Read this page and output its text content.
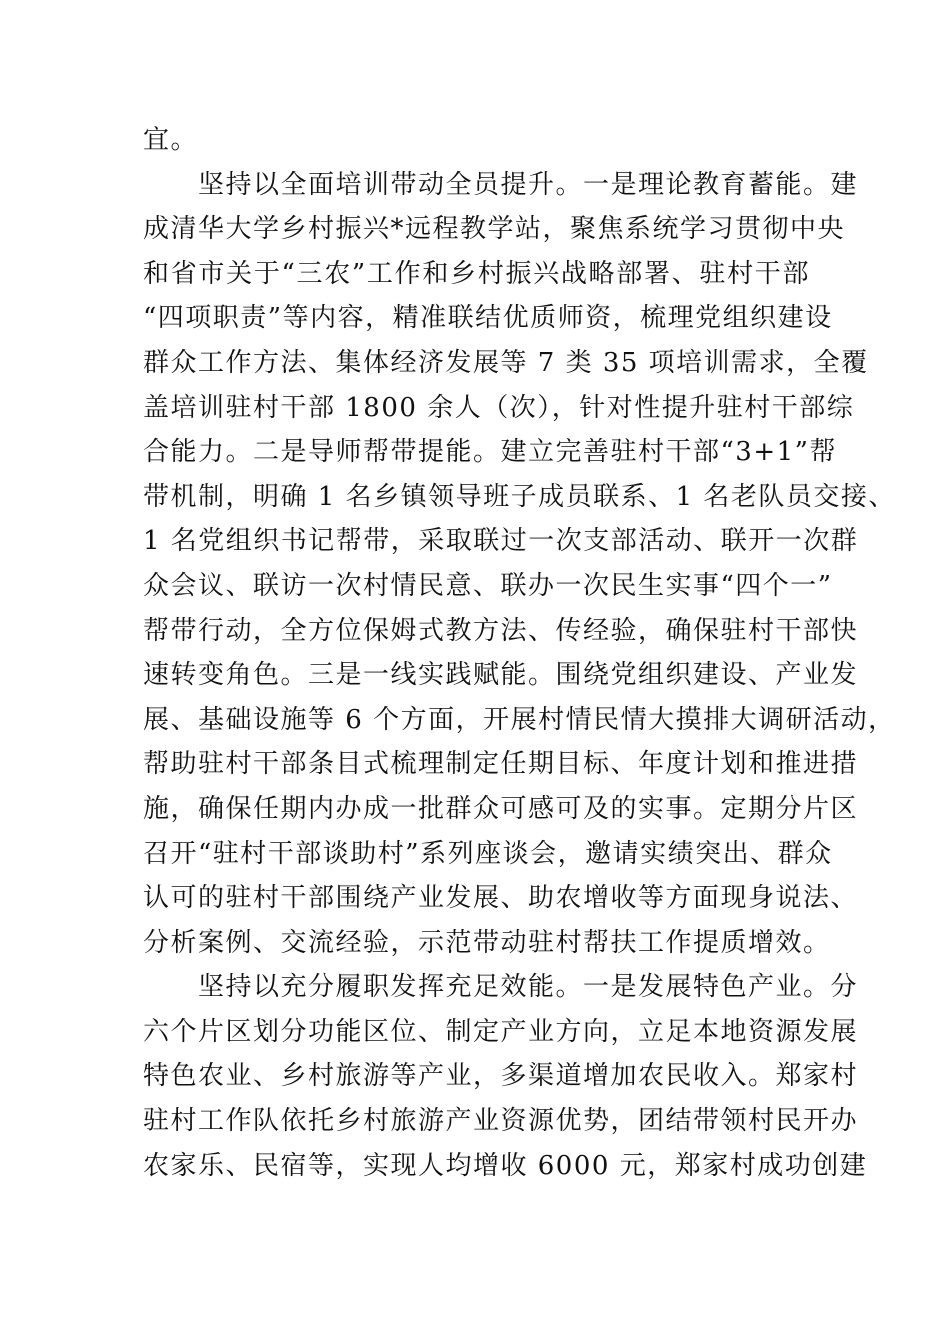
宜。
坚持以全面培训带动全员提升。一是理论教育蓄能。建
成清华大学乡村振兴*远程教学站，聚焦系统学习贯彻中央
和省市关于“三农”工作和乡村振兴战略部署、驻村干部
“四项职责”等内容，精准联结优质师资，梳理党组织建设
群众工作方法、集体经济发展等 7 类 35 项培训需求，全覆
盖培训驻村干部 1800 余人（次），针对性提升驻村干部综
合能力。二是导师帮带提能。建立完善驻村干部“3+1”帮
带机制，明确 1 名乡镇领导班子成员联系、1 名老队员交接、
1 名党组织书记帮带，采取联过一次支部活动、联开一次群
众会议、联访一次村情民意、联办一次民生实事“四个一”
帮带行动，全方位保姆式教方法、传经验，确保驻村干部快
速转变角色。三是一线实践赋能。围绕党组织建设、产业发
展、基础设施等 6 个方面，开展村情民情大摸排大调研活动，
帮助驻村干部条目式梳理制定任期目标、年度计划和推进措
施，确保任期内办成一批群众可感可及的实事。定期分片区
召开“驻村干部谈助村”系列座谈会，邀请实绩突出、群众
认可的驻村干部围绕产业发展、助农增收等方面现身说法、
分析案例、交流经验，示范带动驻村帮扶工作提质增效。
坚持以充分履职发挥充足效能。一是发展特色产业。分
六个片区划分功能区位、制定产业方向，立足本地资源发展
特色农业、乡村旅游等产业，多渠道增加农民收入。郑家村
驻村工作队依托乡村旅游产业资源优势，团结带领村民开办
农家乐、民宿等，实现人均增收 6000 元，郑家村成功创建
